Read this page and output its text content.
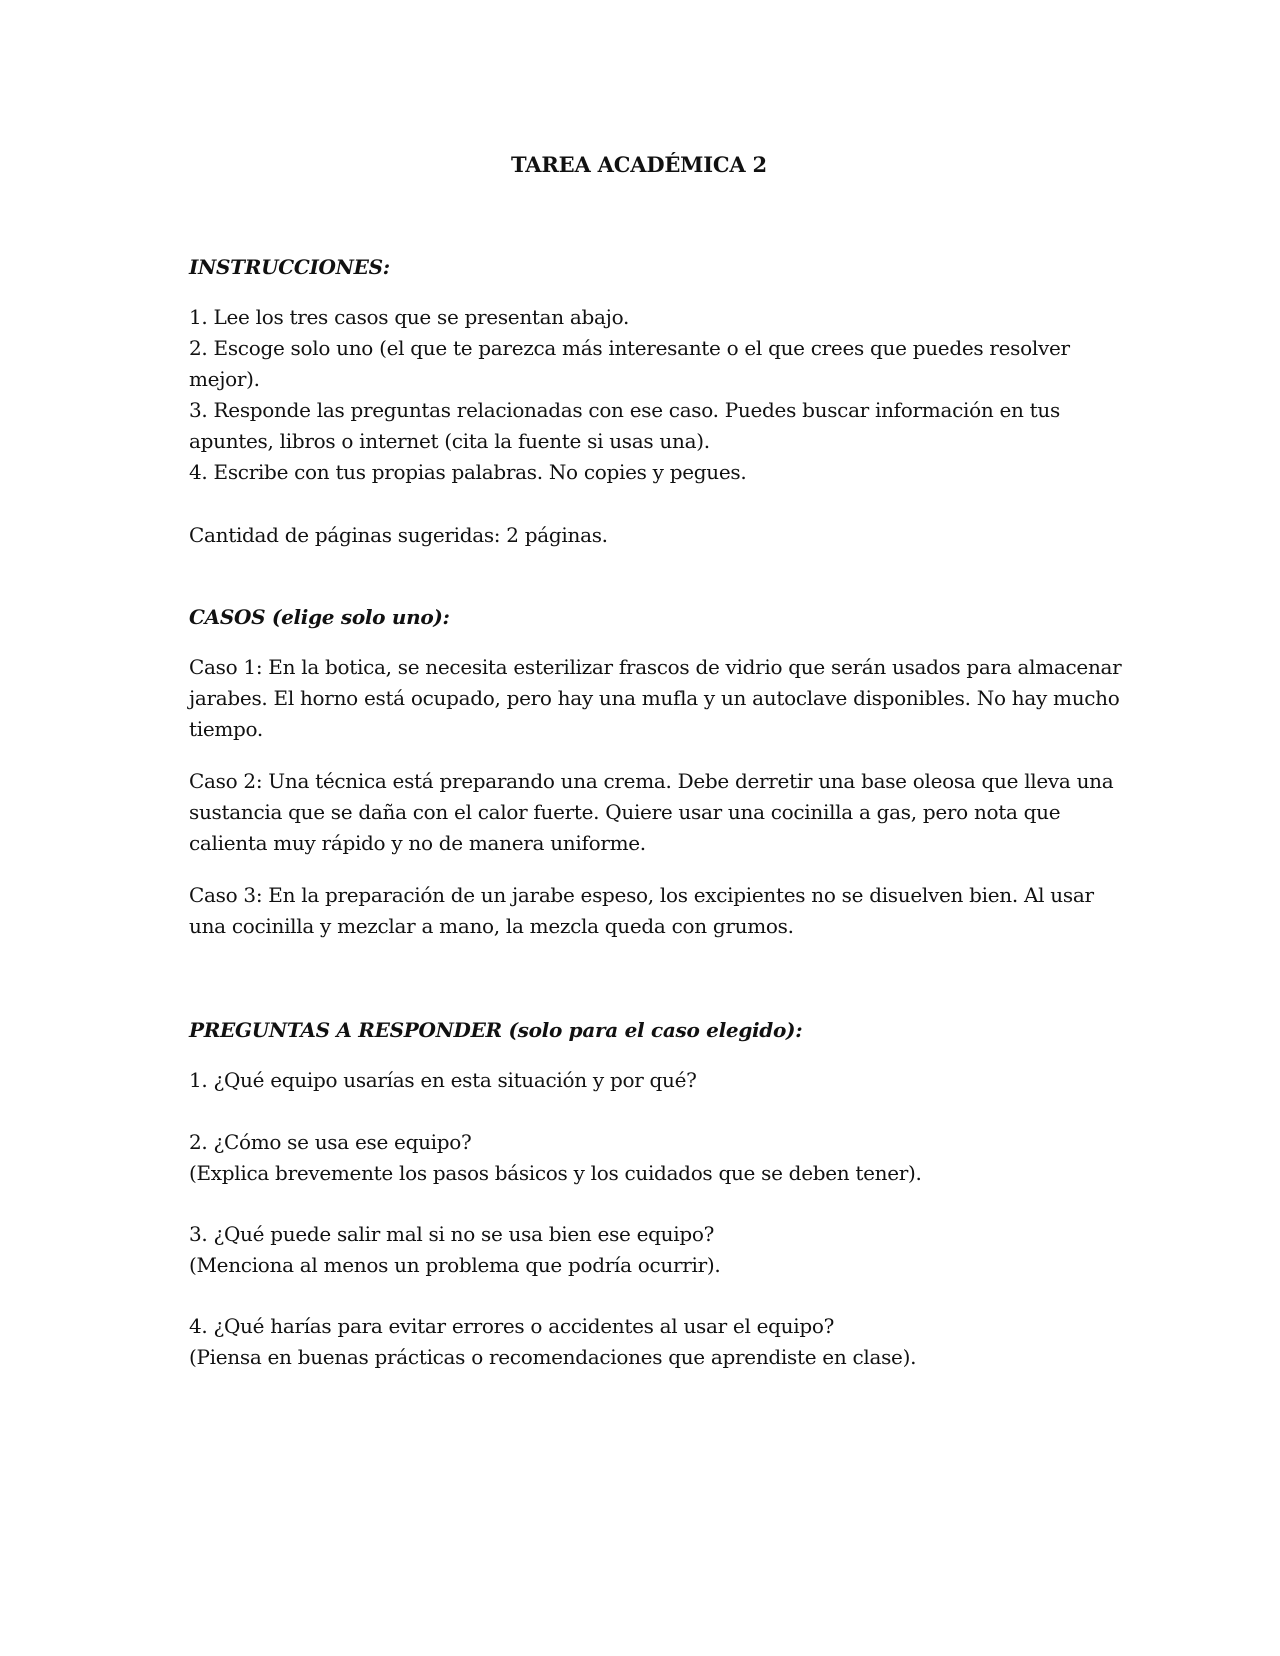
TAREA ACADÉMICA 2
INSTRUCCIONES:
1. Lee los tres casos que se presentan abajo.
2. Escoge solo uno (el que te parezca más interesante o el que crees que puedes resolver
mejor).
3. Responde las preguntas relacionadas con ese caso. Puedes buscar información en tus
apuntes, libros o internet (cita la fuente si usas una).
4. Escribe con tus propias palabras. No copies y pegues.
Cantidad de páginas sugeridas: 2 páginas.
CASOS (elige solo uno):
Caso 1: En la botica, se necesita esterilizar frascos de vidrio que serán usados para almacenar
jarabes. El horno está ocupado, pero hay una mufla y un autoclave disponibles. No hay mucho
tiempo.
Caso 2: Una técnica está preparando una crema. Debe derretir una base oleosa que lleva una
sustancia que se daña con el calor fuerte. Quiere usar una cocinilla a gas, pero nota que
calienta muy rápido y no de manera uniforme.
Caso 3: En la preparación de un jarabe espeso, los excipientes no se disuelven bien. Al usar
una cocinilla y mezclar a mano, la mezcla queda con grumos.
PREGUNTAS A RESPONDER (solo para el caso elegido):
1. ¿Qué equipo usarías en esta situación y por qué?
2. ¿Cómo se usa ese equipo?
(Explica brevemente los pasos básicos y los cuidados que se deben tener).
3. ¿Qué puede salir mal si no se usa bien ese equipo?
(Menciona al menos un problema que podría ocurrir).
4. ¿Qué harías para evitar errores o accidentes al usar el equipo?
(Piensa en buenas prácticas o recomendaciones que aprendiste en clase).
